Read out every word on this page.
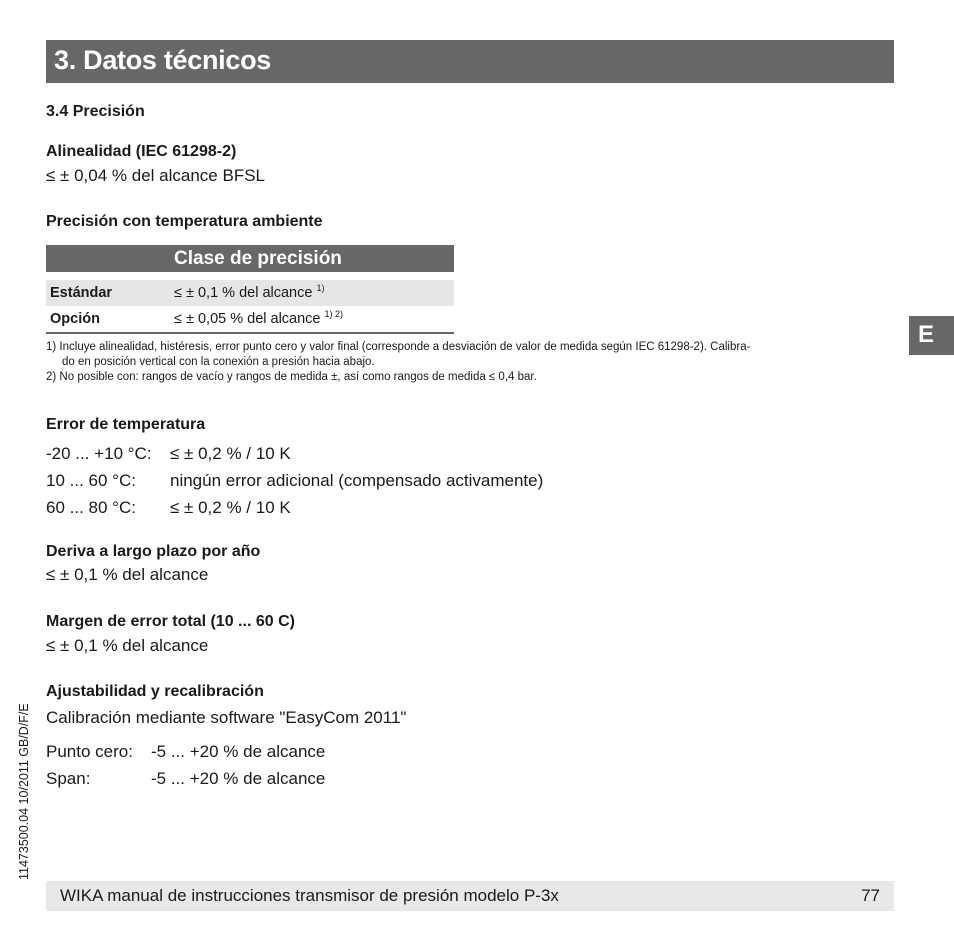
3. Datos técnicos
3.4 Precisión
Alinealidad (IEC 61298-2)
≤ ± 0,04 % del alcance BFSL
Precisión con temperatura ambiente
Clase de precisión
Estándar	≤ ± 0,1 % del alcance $^{1)}$
Opción	≤ ± 0,05 % del alcance $^{1) 2)}$
1) Incluye alinealidad, histéresis, error punto cero y valor final (corresponde a desviación de valor de medida según IEC 61298-2). Calibra-
do en posición vertical con la conexión a presión hacia abajo.
2) No posible con: rangos de vacío y rangos de medida ±, así como rangos de medida ≤ 0,4 bar.
Error de temperatura
-20 ... +10 °C: ≤ ± 0,2 % / 10 K
10 ... 60 °C: ningún error adicional (compensado activamente)
60 ... 80 °C: ≤ ± 0,2 % / 10 K
Deriva a largo plazo por año
≤ ± 0,1 % del alcance
Margen de error total (10 ... 60 C)
≤ ± 0,1 % del alcance
Ajustabilidad y recalibración
Calibración mediante software "EasyCom 2011"
Punto cero: -5 ... +20 % de alcance
Span:	-5 ... +20 % de alcance
E
11473500.04 10/2011 GB/D/F/E
WIKA manual de instrucciones transmisor de presión modelo P-3x	77
